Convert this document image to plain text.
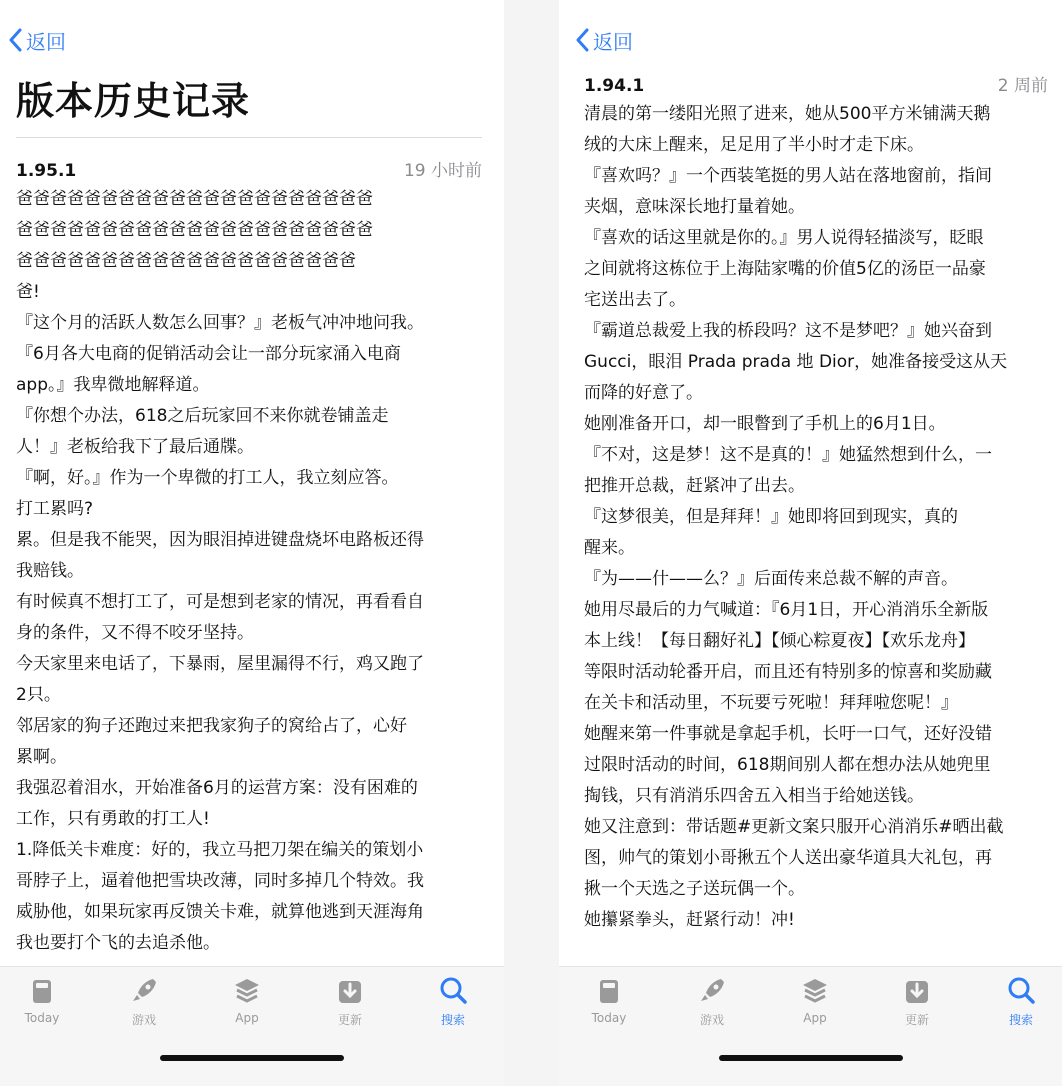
返回
版本历史记录
1.95.1	19 小时前

爸爸爸爸爸爸爸爸爸爸爸爸爸爸爸爸爸爸爸爸爸

爸爸爸爸爸爸爸爸爸爸爸爸爸爸爸爸爸爸爸爸爸

爸爸爸爸爸爸爸爸爸爸爸爸爸爸爸爸爸爸爸爸

爸!

『这个月的活跃人数怎么回事？』老板气冲冲地问我。

『6月各大电商的促销活动会让一部分玩家涌入电商

app。』我卑微地解释道。

『你想个办法，618之后玩家回不来你就卷铺盖走

人！』老板给我下了最后通牒。

『啊，好。』作为一个卑微的打工人，我立刻应答。

打工累吗?

累。但是我不能哭，因为眼泪掉进键盘烧坏电路板还得

我赔钱。

有时候真不想打工了，可是想到老家的情况，再看看自

身的条件，又不得不咬牙坚持。

今天家里来电话了，下暴雨，屋里漏得不行，鸡又跑了

2只。

邻居家的狗子还跑过来把我家狗子的窝给占了，心好

累啊。

我强忍着泪水，开始准备6月的运营方案：没有困难的

工作，只有勇敢的打工人!

1.降低关卡难度：好的，我立马把刀架在编关的策划小

哥脖子上，逼着他把雪块改薄，同时多掉几个特效。我

威胁他，如果玩家再反馈关卡难，就算他逃到天涯海角

我也要打个飞的去追杀他。

Today	游戏	App	更新	搜索
返回
1.94.1	2 周前

清晨的第一缕阳光照了进来，她从500平方米铺满天鹅

绒的大床上醒来，足足用了半小时才走下床。

『喜欢吗？』一个西装笔挺的男人站在落地窗前，指间

夹烟，意味深长地打量着她。

『喜欢的话这里就是你的。』男人说得轻描淡写，眨眼

之间就将这栋位于上海陆家嘴的价值5亿的汤臣一品豪

宅送出去了。

『霸道总裁爱上我的桥段吗？这不是梦吧？』她兴奋到

Gucci，眼泪 Prada prada 地 Dior，她准备接受这从天

而降的好意了。

她刚准备开口，却一眼瞥到了手机上的6月1日。

『不对，这是梦！这不是真的！』她猛然想到什么，一

把推开总裁，赶紧冲了出去。

『这梦很美，但是拜拜！』她即将回到现实，真的

醒来。

『为——什——么？』后面传来总裁不解的声音。

她用尽最后的力气喊道：『6月1日，开心消消乐全新版

本上线！【每日翻好礼】【倾心粽夏夜】【欢乐龙舟】

等限时活动轮番开启，而且还有特别多的惊喜和奖励藏

在关卡和活动里，不玩要亏死啦！拜拜啦您呢！』

她醒来第一件事就是拿起手机，长吁一口气，还好没错

过限时活动的时间，618期间别人都在想办法从她兜里

掏钱，只有消消乐四舍五入相当于给她送钱。

她又注意到：带话题#更新文案只服开心消消乐#晒出截

图，帅气的策划小哥揪五个人送出豪华道具大礼包，再

揪一个天选之子送玩偶一个。

她攥紧拳头，赶紧行动！冲!

Today	游戏	App	更新	搜索
